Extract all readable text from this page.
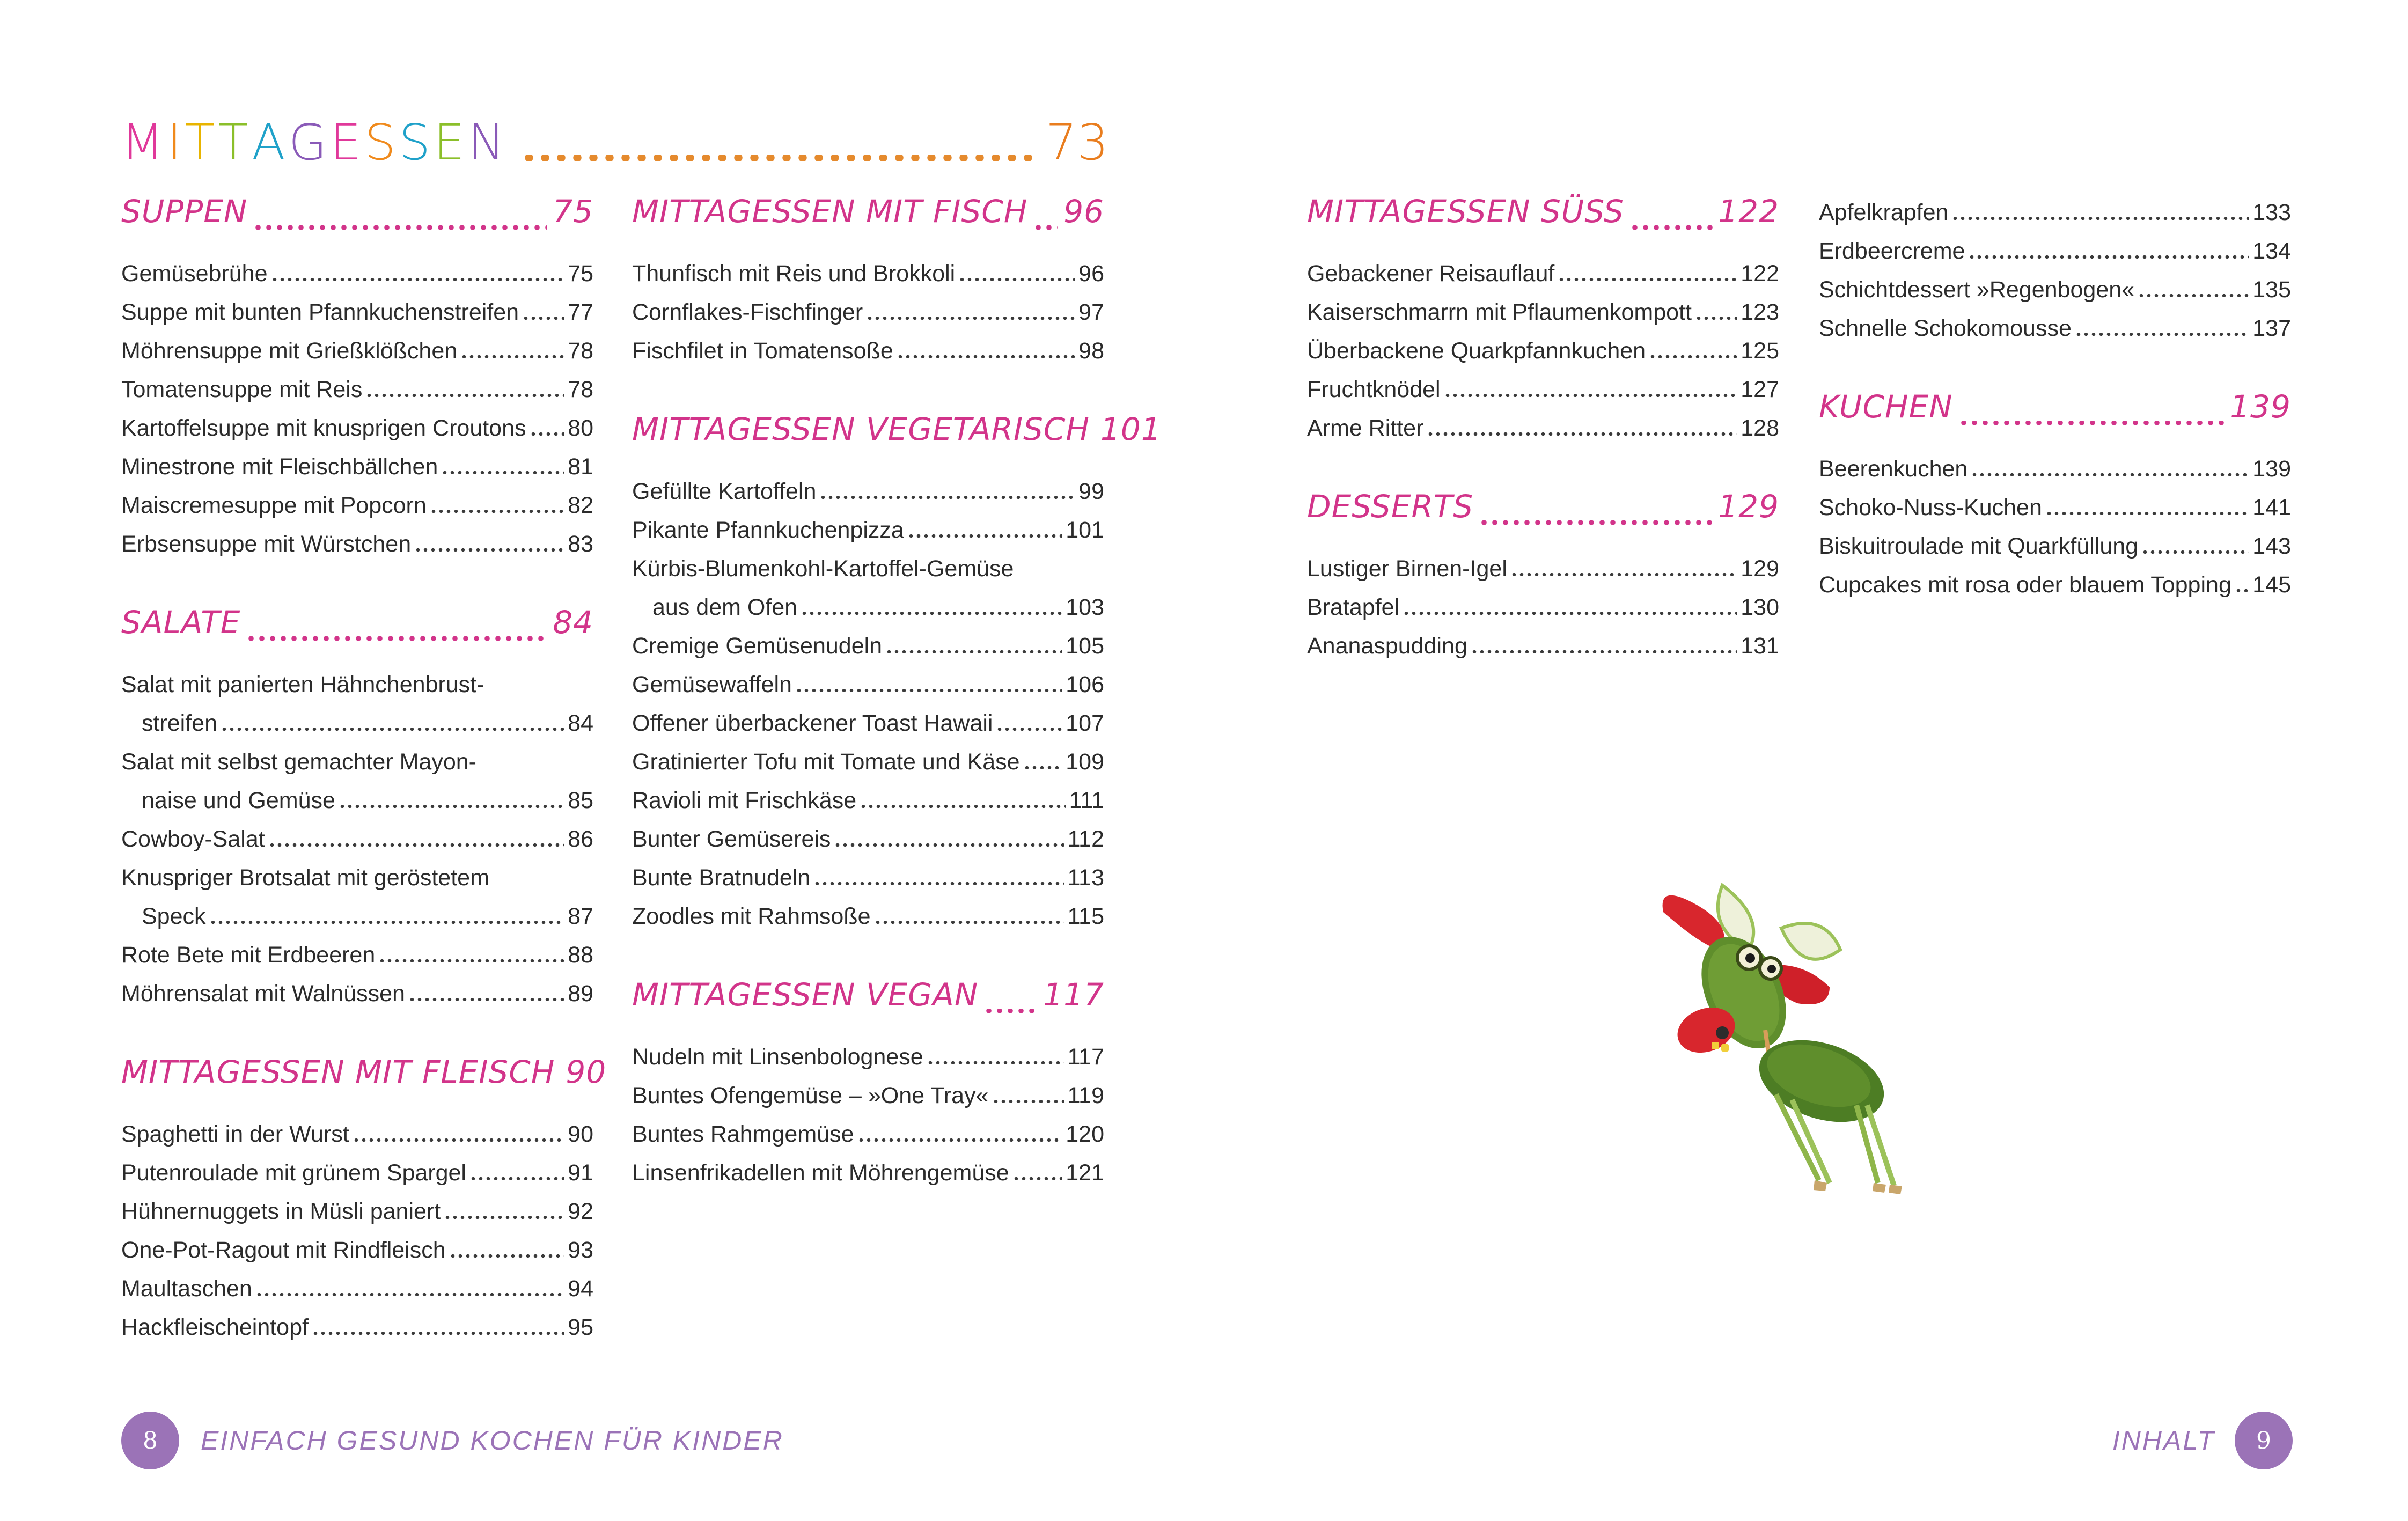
MITTAGESSEN	73
SUPPEN	75
Gemüsebrühe	75
Suppe mit bunten Pfannkuchenstreifen 77
Möhrensuppe mit Grießklößchen	78
Tomatensuppe mit Reis	78
Kartoffelsuppe mit knusprigen Croutons 80
Minestrone mit Fleischbällchen	81
Maiscremesuppe mit Popcorn	82
Erbsensuppe mit Würstchen	83
SALATE	84
Salat mit panierten Hähnchenbrust-
streifen	84
Salat mit selbst gemachter Mayon-
naise und Gemüse	85
Cowboy-Salat	86
Knuspriger Brotsalat mit geröstetem
Speck	87
Rote Bete mit Erdbeeren	88
Möhrensalat mit Walnüssen	89
MITTAGESSEN MIT FLEISCH 90
Spaghetti in der Wurst	90
Putenroulade mit grünem Spargel	91
Hühnernuggets in Müsli paniert	92
One-Pot-Ragout mit Rindfleisch	93
Maultaschen	94
Hackfleischeintopf	95
MITTAGESSEN MIT FISCH 96
Thunfisch mit Reis und Brokkoli	96
Cornflakes-Fischfinger	97
Fischfilet in Tomatensoße	98
MITTAGESSEN VEGETARISCH 101
Gefüllte Kartoffeln	99
Pikante Pfannkuchenpizza	101
Kürbis-Blumenkohl-Kartoffel-Gemüse
aus dem Ofen	103
Cremige Gemüsenudeln	105
Gemüsewaffeln	106
Offener überbackener Toast Hawaii	107
Gratinierter Tofu mit Tomate und Käse 109
Ravioli mit Frischkäse	111
Bunter Gemüsereis	112
Bunte Bratnudeln	113
Zoodles mit Rahmsoße	115
MITTAGESSEN VEGAN 117
Nudeln mit Linsenbolognese	117
Buntes Ofengemüse – »One Tray«	119
Buntes Rahmgemüse	120
Linsenfrikadellen mit Möhrengemüse 121
MITTAGESSEN SÜSS	122
Gebackener Reisauflauf	122
Kaiserschmarrn mit Pflaumenkompott 123
Überbackene Quarkpfannkuchen	125
Fruchtknödel	127
Arme Ritter	128
DESSERTS	129
Lustiger Birnen-Igel	129
Bratapfel	130
Ananaspudding	131
Apfelkrapfen	133
Erdbeercreme	134
Schichtdessert »Regenbogen«	135
Schnelle Schokomousse	137
KUCHEN	139
Beerenkuchen	139
Schoko-Nuss-Kuchen	141
Biskuitroulade mit Quarkfüllung	143
Cupcakes mit rosa oder blauem Topping 145
8	EINFACH GESUND KOCHEN FÜR KINDER	INHALT	9
